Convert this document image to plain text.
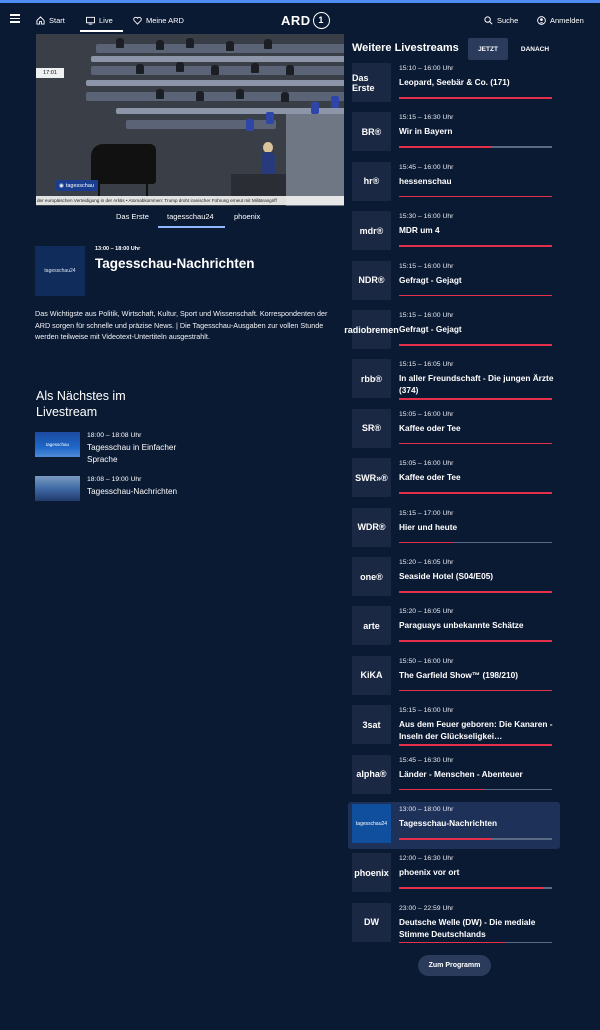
Start	Live	Meine ARD	ARD 1	Suche	Anmelden
17:01
◉ tagesschau
der europäischen Verteidigung in der Arktis • Atomabkommen: Trump droht iranischer Führung erneut mit Militärangriff
Das Erste tagesschau24	phoenix
tagesschau24
13:00 – 18:00 Uhr
Tagesschau-Nachrichten
Das Wichtigste aus Politik, Wirtschaft, Kultur, Sport und Wissenschaft. Korrespondenten der ARD sorgen für schnelle und präzise News. | Die Tagesschau-Ausgaben zur vollen Stunde werden teilweise mit Videotext-Untertiteln ausgestrahlt.
Als Nächstes im Livestream
tagesschau
18:00 – 18:08 Uhr
Tagesschau in Einfacher Sprache
18:08 – 19:00 Uhr
Tagesschau-Nachrichten
Weitere Livestreams	JETZT	DANACH
Das Erste
15:10 – 16:00 Uhr
Leopard, Seebär & Co. (171)
BR®
15:15 – 16:30 Uhr
Wir in Bayern
hr®
15:45 – 16:00 Uhr
hessenschau
mdr®
15:30 – 16:00 Uhr
MDR um 4
NDR®
15:15 – 16:00 Uhr
Gefragt - Gejagt
radiobremen
15:15 – 16:00 Uhr
Gefragt - Gejagt
rbb®
15:15 – 16:05 Uhr
In aller Freundschaft - Die jungen Ärzte (374)
SR®
15:05 – 16:00 Uhr
Kaffee oder Tee
SWR»®
15:05 – 16:00 Uhr
Kaffee oder Tee
WDR®
15:15 – 17:00 Uhr
Hier und heute
one®
15:20 – 16:05 Uhr
Seaside Hotel (S04/E05)
arte
15:20 – 16:05 Uhr
Paraguays unbekannte Schätze
KiKA
15:50 – 16:00 Uhr
The Garfield Show™ (198/210)
3sat
15:15 – 16:00 Uhr
Aus dem Feuer geboren: Die Kanaren - Inseln der Glückseligkei…
alpha®
15:45 – 16:30 Uhr
Länder - Menschen - Abenteuer
tagesschau24
13:00 – 18:00 Uhr
Tagesschau-Nachrichten
phoenix
12:00 – 16:30 Uhr
phoenix vor ort
DW
23:00 – 22:59 Uhr
Deutsche Welle (DW) - Die mediale Stimme Deutschlands
Zum Programm
